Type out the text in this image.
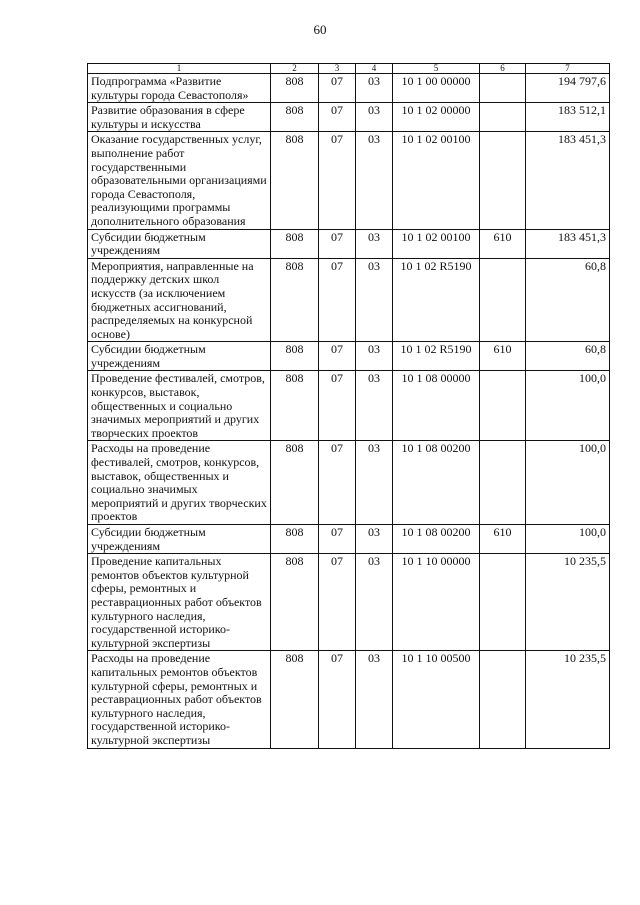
60
1	2	3	4	5	6	7
Подпрограмма «Развитие культуры города Севастополя»	808	07	03	10 1 00 00000		194 797,6
Развитие образования в сфере культуры и искусства	808	07	03	10 1 02 00000		183 512,1
Оказание государственных услуг, выполнение работ государственными образовательными организациями города Севастополя, реализующими программы дополнительного образования	808	07	03	10 1 02 00100		183 451,3
Субсидии бюджетным учреждениям	808	07	03	10 1 02 00100	610	183 451,3
Мероприятия, направленные на поддержку детских школ искусств (за исключением бюджетных ассигнований, распределяемых на конкурсной основе)	808	07	03	10 1 02 R5190		60,8
Субсидии бюджетным учреждениям	808	07	03	10 1 02 R5190	610	60,8
Проведение фестивалей, смотров, конкурсов, выставок, общественных и социально значимых мероприятий и других творческих проектов	808	07	03	10 1 08 00000		100,0
Расходы на проведение фестивалей, смотров, конкурсов, выставок, общественных и социально значимых мероприятий и других творческих проектов	808	07	03	10 1 08 00200		100,0
Субсидии бюджетным учреждениям	808	07	03	10 1 08 00200	610	100,0
Проведение капитальных ремонтов объектов культурной сферы, ремонтных и реставрационных работ объектов культурного наследия, государственной историко-культурной экспертизы	808	07	03	10 1 10 00000		10 235,5
Расходы на проведение капитальных ремонтов объектов культурной сферы, ремонтных и реставрационных работ объектов культурного наследия, государственной историко-культурной экспертизы	808	07	03	10 1 10 00500		10 235,5
